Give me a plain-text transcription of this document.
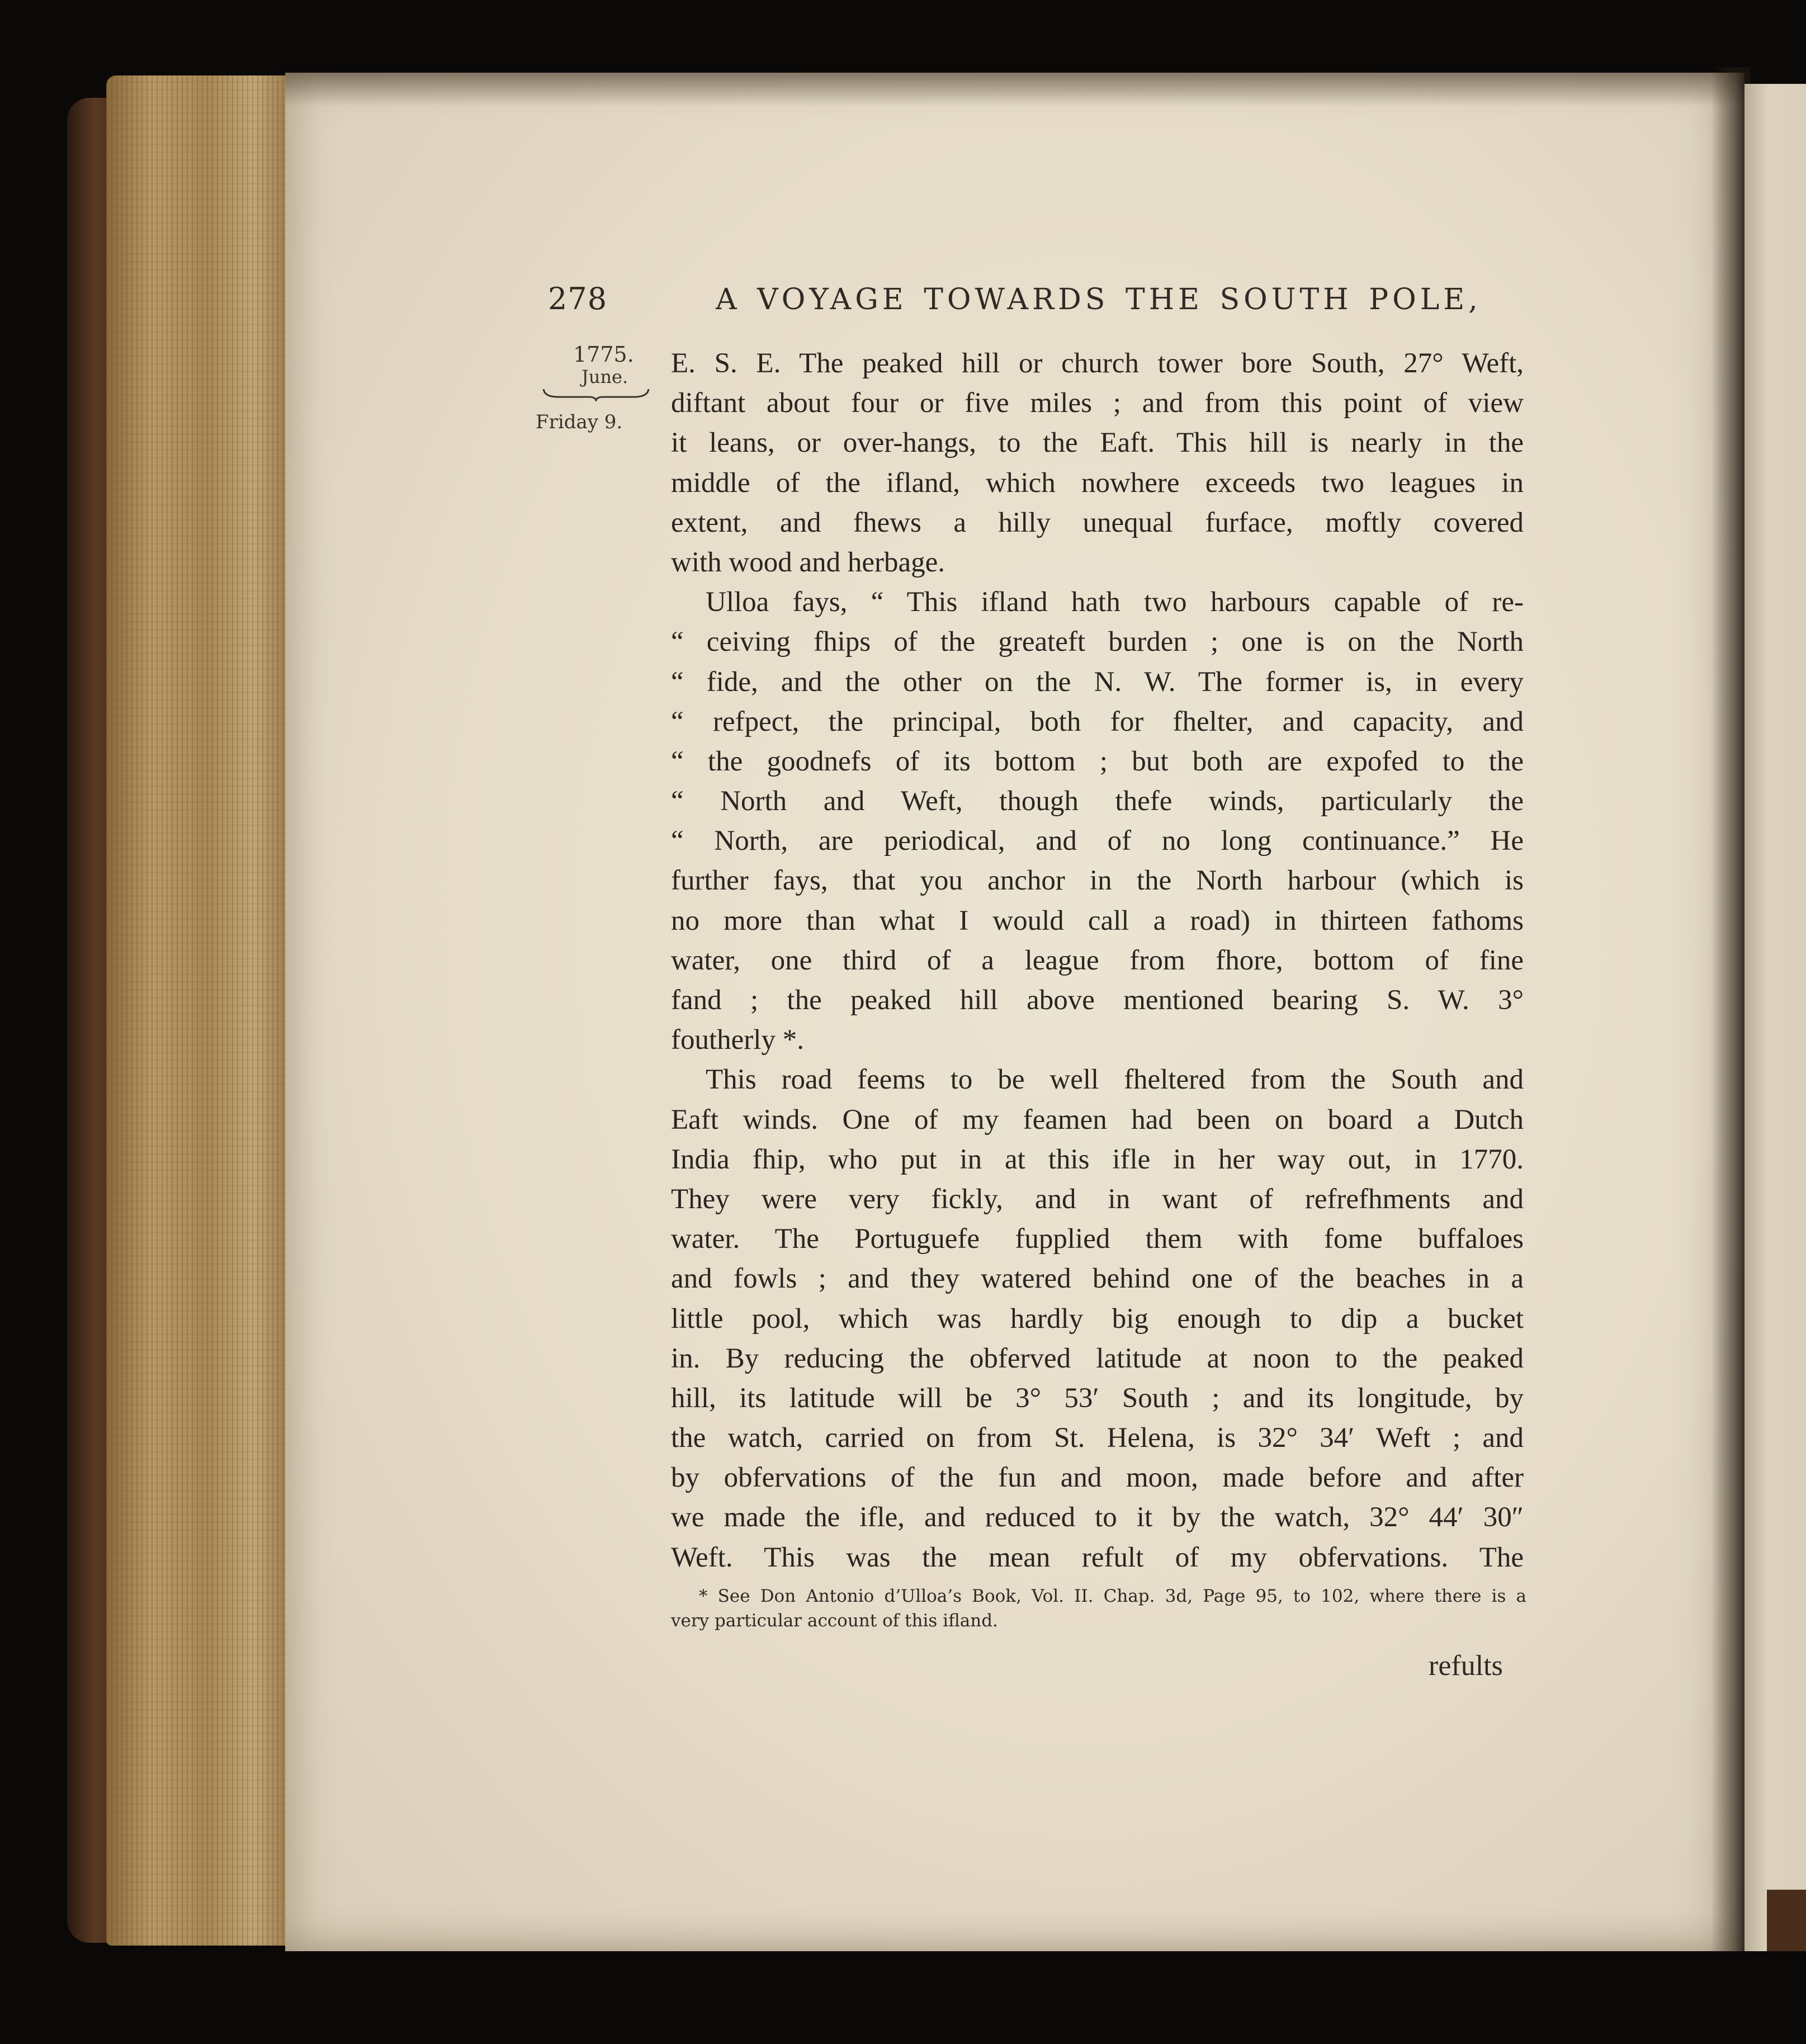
278	A VOYAGE TOWARDS THE SOUTH POLE,
1775.
June.
Friday 9.
E. S. E. The peaked hill or church tower bore South, 27° Weft,
diftant about four or five miles ; and from this point of view
it leans, or over-hangs, to the Eaft. This hill is nearly in the
middle of the ifland, which nowhere exceeds two leagues in
extent, and fhews a hilly unequal furface, moftly covered
with wood and herbage.
Ulloa fays, “ This ifland hath two harbours capable of re-
“ ceiving fhips of the greateft burden ; one is on the North
“ fide, and the other on the N. W. The former is, in every
“ refpect, the principal, both for fhelter, and capacity, and
“ the goodnefs of its bottom ; but both are expofed to the
“ North and Weft, though thefe winds, particularly the
“ North, are periodical, and of no long continuance.” He
further fays, that you anchor in the North harbour (which is
no more than what I would call a road) in thirteen fathoms
water, one third of a league from fhore, bottom of fine
fand ; the peaked hill above mentioned bearing S. W. 3°
foutherly *.
This road feems to be well fheltered from the South and
Eaft winds. One of my feamen had been on board a Dutch
India fhip, who put in at this ifle in her way out, in 1770.
They were very fickly, and in want of refrefhments and
water. The Portuguefe fupplied them with fome buffaloes
and fowls ; and they watered behind one of the beaches in a
little pool, which was hardly big enough to dip a bucket
in. By reducing the obferved latitude at noon to the peaked
hill, its latitude will be 3° 53′ South ; and its longitude, by
the watch, carried on from St. Helena, is 32° 34′ Weft ; and
by obfervations of the fun and moon, made before and after
we made the ifle, and reduced to it by the watch, 32° 44′ 30″
Weft. This was the mean refult of my obfervations. The
* See Don Antonio d’Ulloa’s Book, Vol. II. Chap. 3d, Page 95, to 102, where there is a
very particular account of this ifland.
refults
